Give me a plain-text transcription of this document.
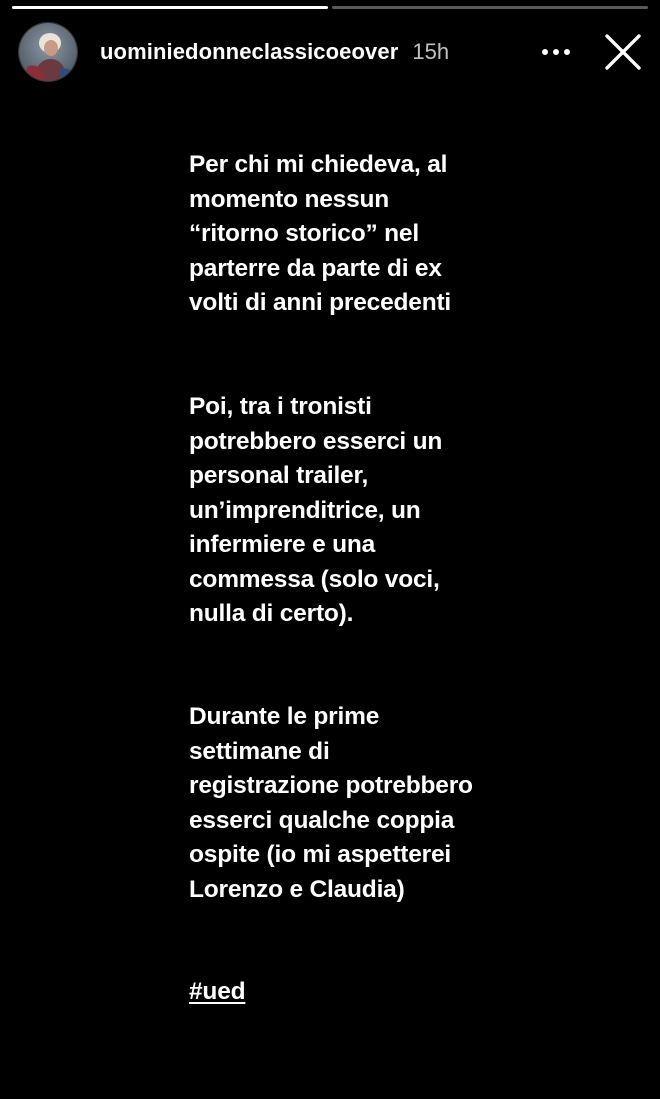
uominiedonneclassicoeover 15h

Per chi mi chiedeva, al
momento nessun
“ritorno storico” nel
parterre da parte di ex
volti di anni precedenti

Poi, tra i tronisti
potrebbero esserci un
personal trailer,
un’imprenditrice, un
infermiere e una
commessa (solo voci,
nulla di certo).

Durante le prime
settimane di
registrazione potrebbero
esserci qualche coppia
ospite (io mi aspetterei
Lorenzo e Claudia)

#ued
